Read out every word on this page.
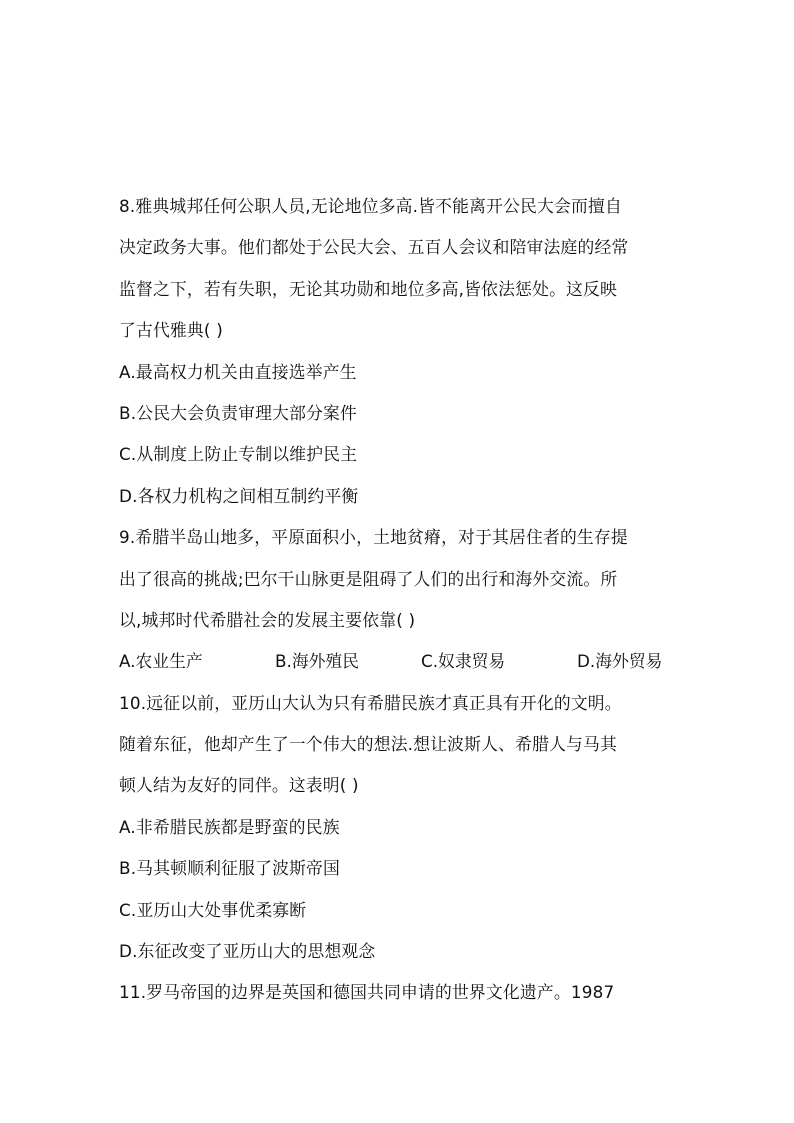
8.雅典城邦任何公职人员,无论地位多高.皆不能离开公民大会而擅自
决定政务大事。他们都处于公民大会、五百人会议和陪审法庭的经常
监督之下，若有失职，无论其功勋和地位多高,皆依法惩处。这反映
了古代雅典( )
A.最高权力机关由直接选举产生
B.公民大会负责审理大部分案件
C.从制度上防止专制以维护民主
D.各权力机构之间相互制约平衡
9.希腊半岛山地多，平原面积小，土地贫瘠，对于其居住者的生存提
出了很高的挑战;巴尔干山脉更是阻碍了人们的出行和海外交流。所
以,城邦时代希腊社会的发展主要依靠( )
A.农业生产	B.海外殖民	C.奴隶贸易	D.海外贸易
10.远征以前，亚历山大认为只有希腊民族才真正具有开化的文明。
随着东征，他却产生了一个伟大的想法.想让波斯人、希腊人与马其
顿人结为友好的同伴。这表明( )
A.非希腊民族都是野蛮的民族
B.马其顿顺利征服了波斯帝国
C.亚历山大处事优柔寡断
D.东征改变了亚历山大的思想观念
11.罗马帝国的边界是英国和德国共同申请的世界文化遗产。1987
